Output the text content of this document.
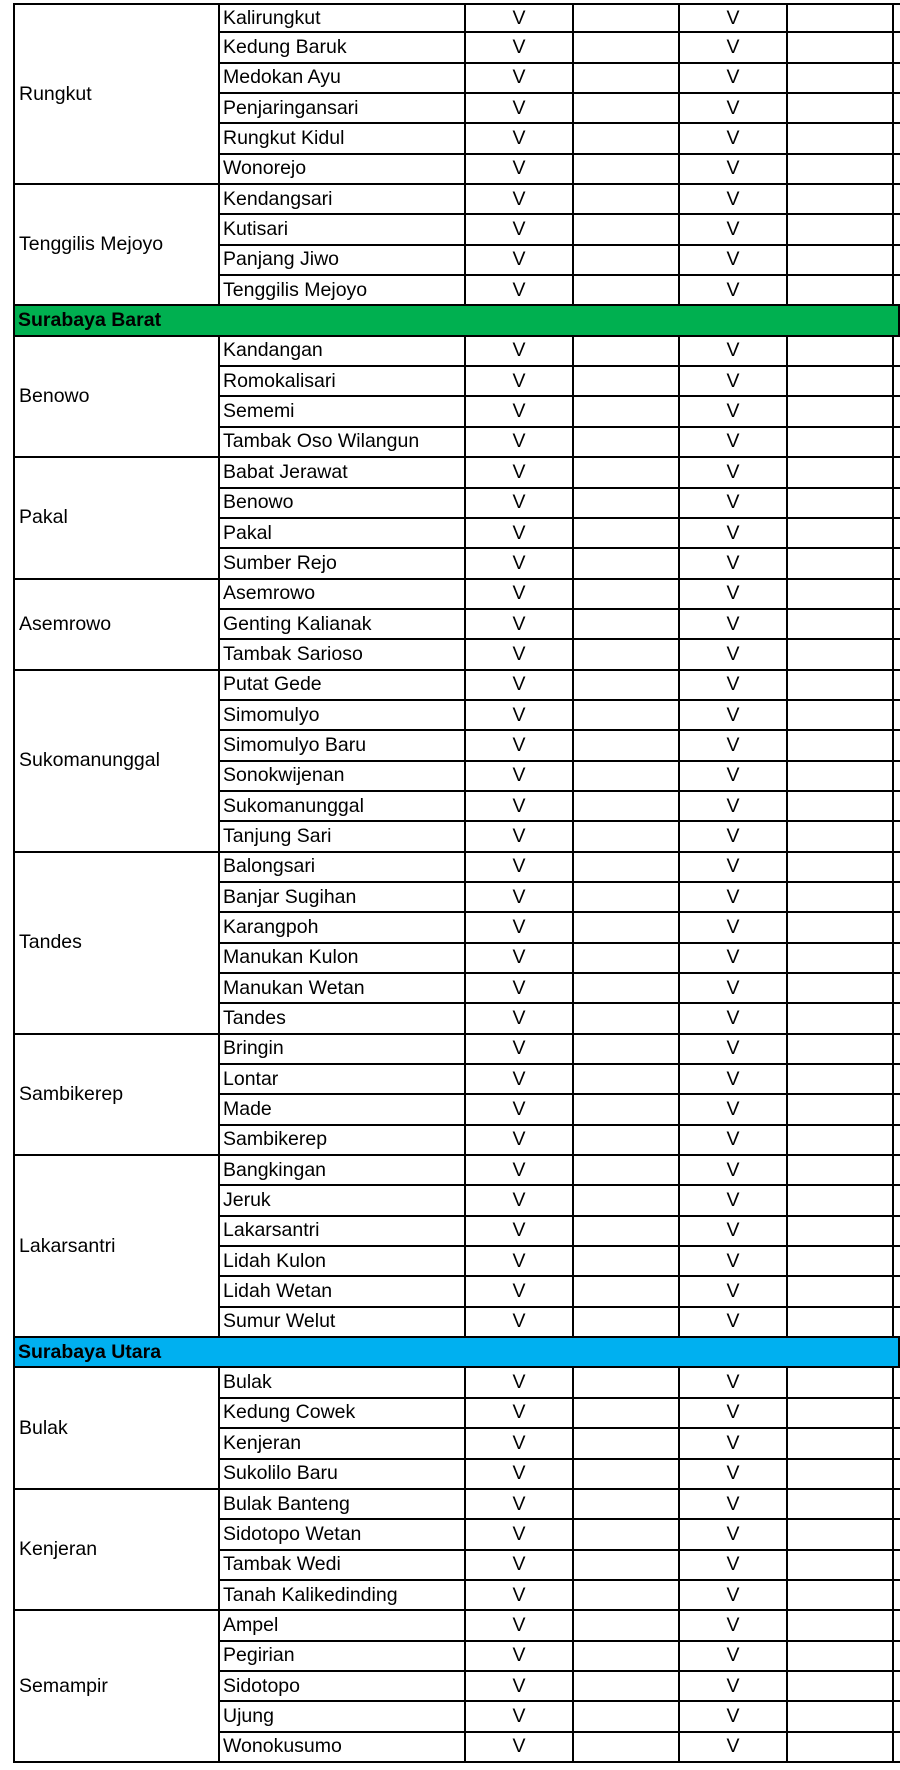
Rungkut
Kalirungkut	V	V
Kedung Baruk	V	V
Medokan Ayu	V	V
Penjaringansari	V	V
Rungkut Kidul	V	V
Wonorejo	V	V
Tenggilis Mejoyo
Kendangsari	V	V
Kutisari	V	V
Panjang Jiwo	V	V
Tenggilis Mejoyo	V	V
Surabaya Barat
Benowo
Kandangan	V	V
Romokalisari	V	V
Sememi	V	V
Tambak Oso Wilangun	V	V
Pakal
Babat Jerawat	V	V
Benowo	V	V
Pakal	V	V
Sumber Rejo	V	V
Asemrowo
Asemrowo	V	V
Genting Kalianak	V	V
Tambak Sarioso	V	V
Sukomanunggal
Putat Gede	V	V
Simomulyo	V	V
Simomulyo Baru	V	V
Sonokwijenan	V	V
Sukomanunggal	V	V
Tanjung Sari	V	V
Tandes
Balongsari	V	V
Banjar Sugihan	V	V
Karangpoh	V	V
Manukan Kulon	V	V
Manukan Wetan	V	V
Tandes	V	V
Sambikerep
Bringin	V	V
Lontar	V	V
Made	V	V
Sambikerep	V	V
Lakarsantri
Bangkingan	V	V
Jeruk	V	V
Lakarsantri	V	V
Lidah Kulon	V	V
Lidah Wetan	V	V
Sumur Welut	V	V
Surabaya Utara
Bulak
Bulak	V	V
Kedung Cowek	V	V
Kenjeran	V	V
Sukolilo Baru	V	V
Kenjeran
Bulak Banteng	V	V
Sidotopo Wetan	V	V
Tambak Wedi	V	V
Tanah Kalikedinding	V	V
Semampir
Ampel	V	V
Pegirian	V	V
Sidotopo	V	V
Ujung	V	V
Wonokusumo	V	V
